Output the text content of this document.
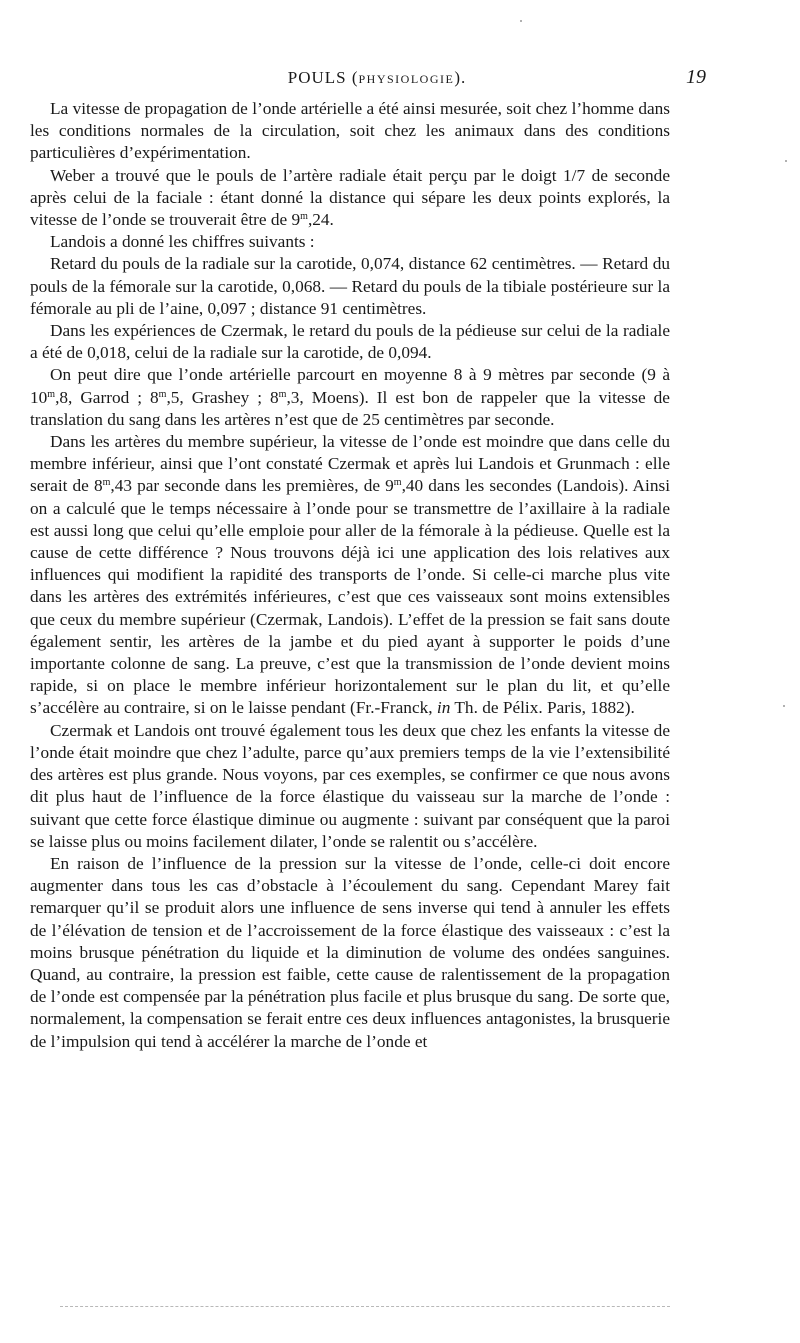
POULS (PHYSIOLOGIE).	19

La vitesse de propagation de l’onde artérielle a été ainsi mesurée, soit chez l’homme dans les conditions normales de la circulation, soit chez les animaux dans des conditions particulières d’expérimentation.

Weber a trouvé que le pouls de l’artère radiale était perçu par le doigt 1/7 de seconde après celui de la faciale : étant donné la distance qui sépare les deux points explorés, la vitesse de l’onde se trouverait être de 9$^m$,24.

Landois a donné les chiffres suivants :

Retard du pouls de la radiale sur la carotide, 0,074, distance 62 centimètres. — Retard du pouls de la fémorale sur la carotide, 0,068. — Retard du pouls de la tibiale postérieure sur la fémorale au pli de l’aine, 0,097 ; distance 91 centimètres.

Dans les expériences de Czermak, le retard du pouls de la pédieuse sur celui de la radiale a été de 0,018, celui de la radiale sur la carotide, de 0,094.

On peut dire que l’onde artérielle parcourt en moyenne 8 à 9 mètres par seconde (9 à 10$^m$,8, Garrod ; 8$^m$,5, Grashey ; 8$^m$,3, Moens). Il est bon de rappeler que la vitesse de translation du sang dans les artères n’est que de 25 centimètres par seconde.

Dans les artères du membre supérieur, la vitesse de l’onde est moindre que dans celle du membre inférieur, ainsi que l’ont constaté Czermak et après lui Landois et Grunmach : elle serait de 8$^m$,43 par seconde dans les premières, de 9$^m$,40 dans les secondes (Landois). Ainsi on a calculé que le temps nécessaire à l’onde pour se transmettre de l’axillaire à la radiale est aussi long que celui qu’elle emploie pour aller de la fémorale à la pédieuse. Quelle est la cause de cette différence ? Nous trouvons déjà ici une application des lois relatives aux influences qui modifient la rapidité des transports de l’onde. Si celle-ci marche plus vite dans les artères des extrémités inférieures, c’est que ces vaisseaux sont moins extensibles que ceux du membre supérieur (Czermak, Landois). L’effet de la pression se fait sans doute également sentir, les artères de la jambe et du pied ayant à supporter le poids d’une importante colonne de sang. La preuve, c’est que la transmission de l’onde devient moins rapide, si on place le membre inférieur horizontalement sur le plan du lit, et qu’elle s’accélère au contraire, si on le laisse pendant (Fr.-Franck, in Th. de Pélix. Paris, 1882).

Czermak et Landois ont trouvé également tous les deux que chez les enfants la vitesse de l’onde était moindre que chez l’adulte, parce qu’aux premiers temps de la vie l’extensibilité des artères est plus grande. Nous voyons, par ces exemples, se confirmer ce que nous avons dit plus haut de l’influence de la force élastique du vaisseau sur la marche de l’onde : suivant que cette force élastique diminue ou augmente : suivant par conséquent que la paroi se laisse plus ou moins facilement dilater, l’onde se ralentit ou s’accélère.

En raison de l’influence de la pression sur la vitesse de l’onde, celle-ci doit encore augmenter dans tous les cas d’obstacle à l’écoulement du sang. Cependant Marey fait remarquer qu’il se produit alors une influence de sens inverse qui tend à annuler les effets de l’élévation de tension et de l’accroissement de la force élastique des vaisseaux : c’est la moins brusque pénétration du liquide et la diminution de volume des ondées sanguines. Quand, au contraire, la pression est faible, cette cause de ralentissement de la propagation de l’onde est compensée par la pénétration plus facile et plus brusque du sang. De sorte que, normalement, la compensation se ferait entre ces deux influences antagonistes, la brusquerie de l’impulsion qui tend à accélérer la marche de l’onde et
